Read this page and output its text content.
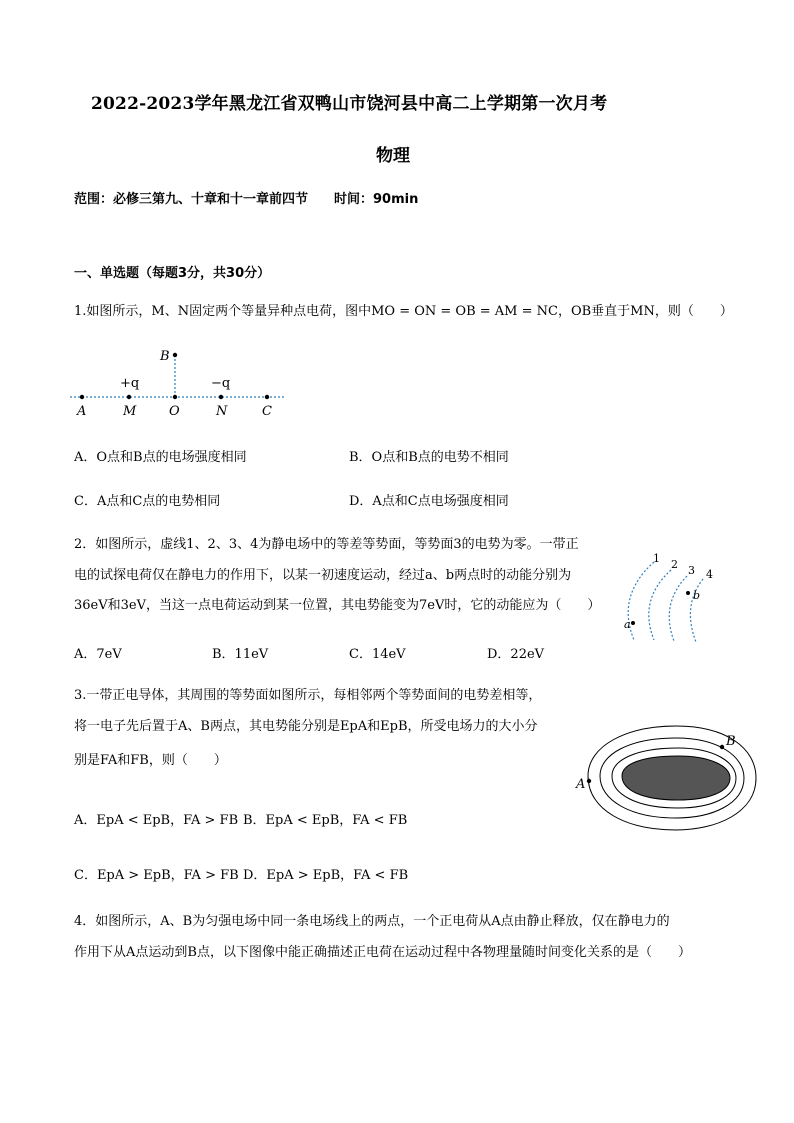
2022-2023学年黑龙江省双鸭山市饶河县中高二上学期第一次月考
物理
范围：必修三第九、十章和十一章前四节 时间：90min
一、单选题（每题3分，共30分）
1.如图所示，M、N固定两个等量异种点电荷，图中MO = ON = OB = AM = NC，OB垂直于MN，则（　　）
B
+q	−q
A	M	O	N	C
A．O点和B点的电场强度相同	B．O点和B点的电势不相同
C．A点和C点的电势相同	D．A点和C点电场强度相同
2．如图所示，虚线1、2、3、4为静电场中的等差等势面，等势面3的电势为零。一带正
电的试探电荷仅在静电力的作用下，以某一初速度运动，经过a、b两点时的动能分别为
36eV和3eV，当这一点电荷运动到某一位置，其电势能变为7eV时，它的动能应为（　　）
1 2 3 4
a
b
A．7eV	B．11eV	C．14eV	D．22eV
3.一带正电导体，其周围的等势面如图所示，每相邻两个等势面间的电势差相等，
将一电子先后置于A、B两点，其电势能分别是EpA和EpB，所受电场力的大小分
别是FA和FB，则（　　）
A
B
A．EpA < EpB，FA > FB B．EpA < EpB，FA < FB
C．EpA > EpB，FA > FB D．EpA > EpB，FA < FB
4．如图所示，A、B为匀强电场中同一条电场线上的两点，一个正电荷从A点由静止释放，仅在静电力的
作用下从A点运动到B点，以下图像中能正确描述正电荷在运动过程中各物理量随时间变化关系的是（　　）
